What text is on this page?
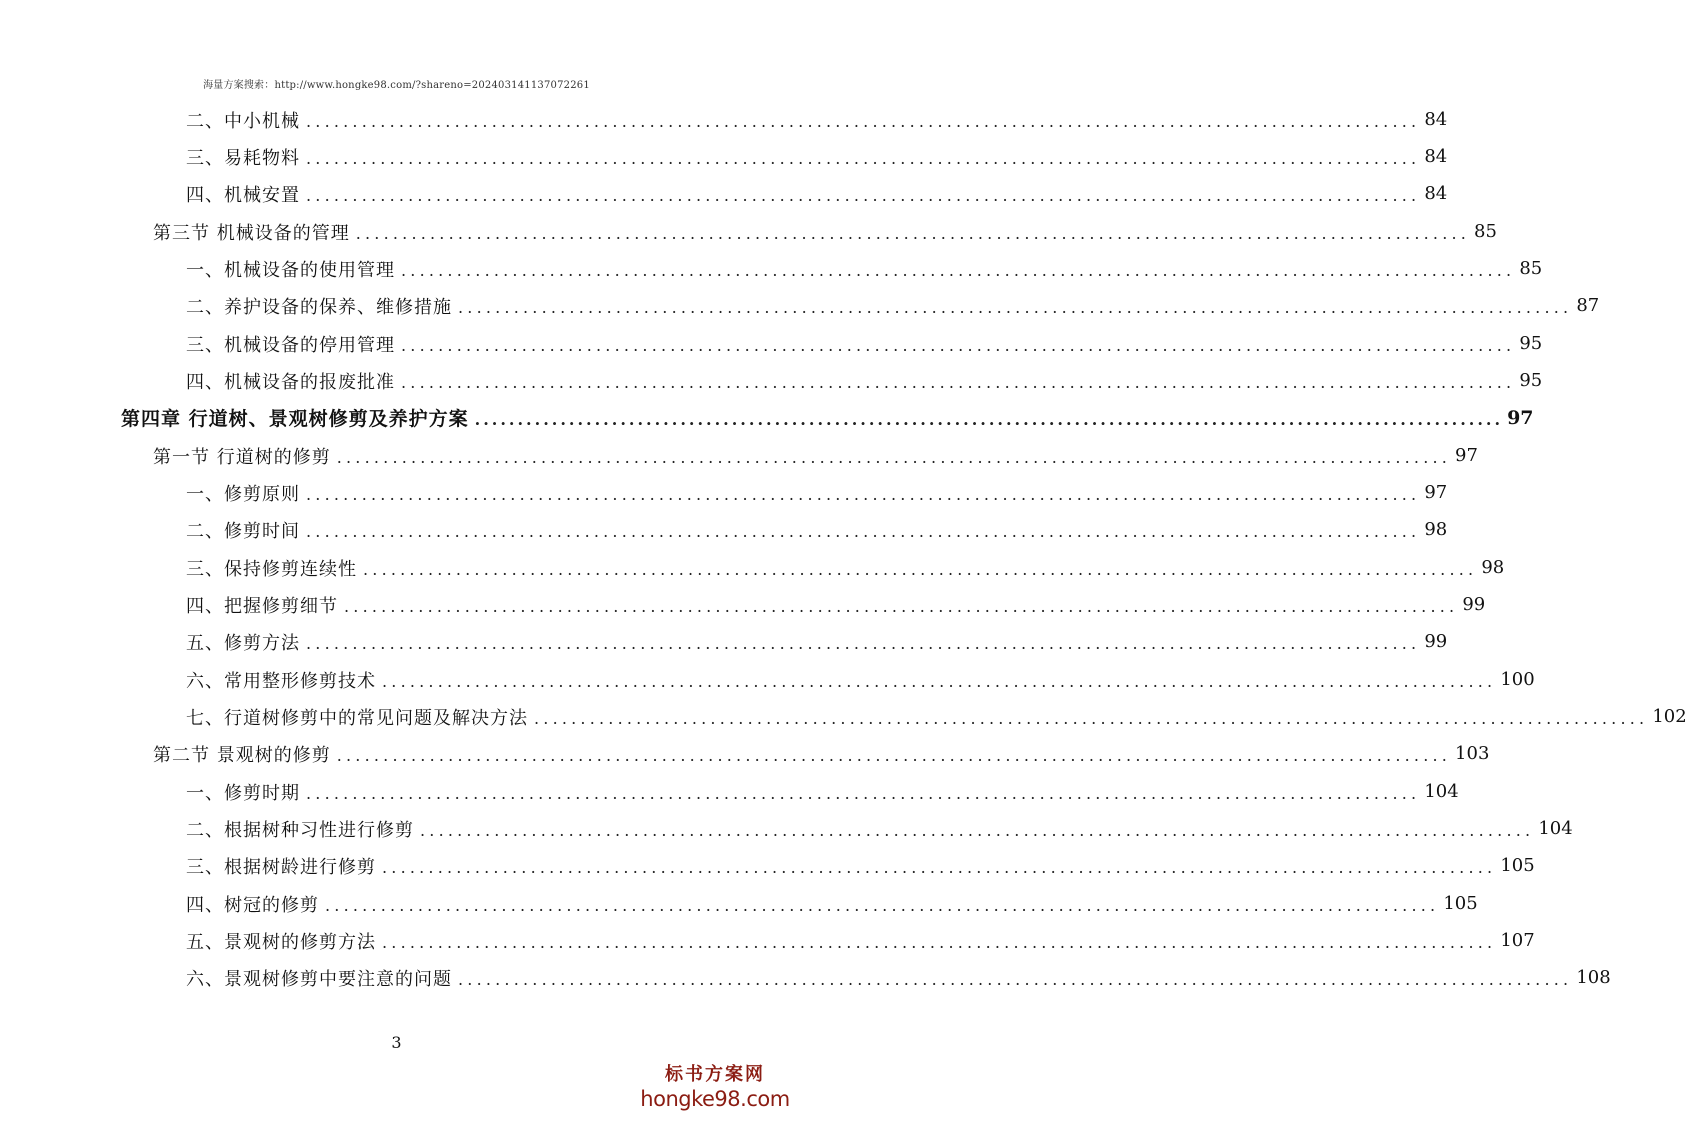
海量方案搜索：http://www.hongke98.com/?shareno=202403141137072261
二、中小机械 ........................................................................................................................ 84
三、易耗物料 ........................................................................................................................ 84
四、机械安置 ........................................................................................................................ 84
第三节 机械设备的管理 ........................................................................................................................ 85
一、机械设备的使用管理 ........................................................................................................................ 85
二、养护设备的保养、维修措施 ........................................................................................................................ 87
三、机械设备的停用管理 ........................................................................................................................ 95
四、机械设备的报废批准 ........................................................................................................................ 95
第四章 行道树、景观树修剪及养护方案 ........................................................................................................................ 97
第一节 行道树的修剪 ........................................................................................................................ 97
一、修剪原则 ........................................................................................................................ 97
二、修剪时间 ........................................................................................................................ 98
三、保持修剪连续性 ........................................................................................................................ 98
四、把握修剪细节 ........................................................................................................................ 99
五、修剪方法 ........................................................................................................................ 99
六、常用整形修剪技术 ........................................................................................................................ 100
七、行道树修剪中的常见问题及解决方法 ........................................................................................................................ 102
第二节 景观树的修剪 ........................................................................................................................ 103
一、修剪时期 ........................................................................................................................ 104
二、根据树种习性进行修剪 ........................................................................................................................ 104
三、根据树龄进行修剪 ........................................................................................................................ 105
四、树冠的修剪 ........................................................................................................................ 105
五、景观树的修剪方法 ........................................................................................................................ 107
六、景观树修剪中要注意的问题 ........................................................................................................................ 108
3
标书方案网
hongke98.com
